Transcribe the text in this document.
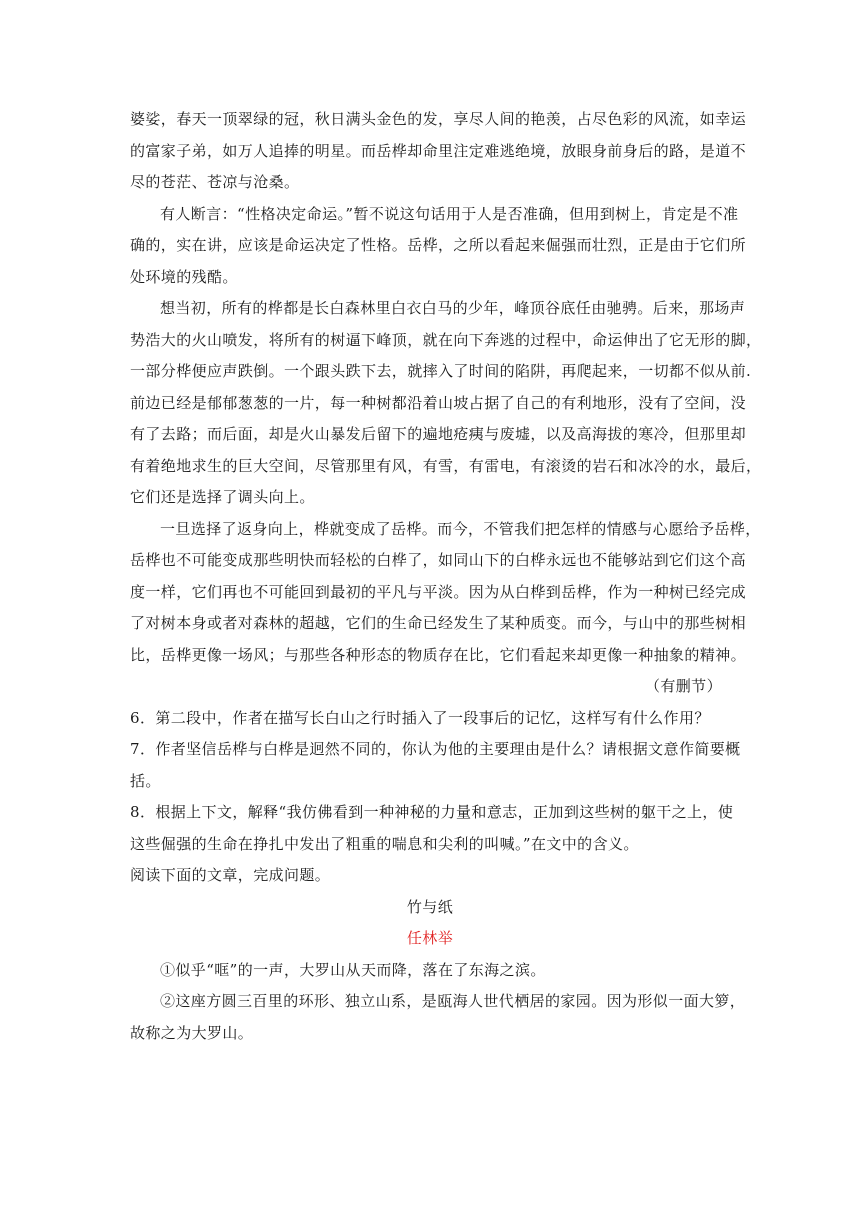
婆娑，春天一顶翠绿的冠，秋日满头金色的发，享尽人间的艳羡，占尽色彩的风流，如幸运
的富家子弟，如万人追捧的明星。而岳桦却命里注定难逃绝境，放眼身前身后的路，是道不
尽的苍茫、苍凉与沧桑。
有人断言：“性格决定命运。”暂不说这句话用于人是否准确，但用到树上，肯定是不准
确的，实在讲，应该是命运决定了性格。岳桦，之所以看起来倔强而壮烈，正是由于它们所
处环境的残酷。
想当初，所有的桦都是长白森林里白衣白马的少年，峰顶谷底任由驰骋。后来，那场声
势浩大的火山喷发，将所有的树逼下峰顶，就在向下奔逃的过程中，命运伸出了它无形的脚，
一部分桦便应声跌倒。一个跟头跌下去，就摔入了时间的陷阱，再爬起来，一切都不似从前.
前边已经是郁郁葱葱的一片，每一种树都沿着山坡占据了自己的有利地形，没有了空间，没
有了去路；而后面，却是火山暴发后留下的遍地疮痍与废墟，以及高海拔的寒冷，但那里却
有着绝地求生的巨大空间，尽管那里有风，有雪，有雷电，有滚烫的岩石和冰冷的水，最后，
它们还是选择了调头向上。
一旦选择了返身向上，桦就变成了岳桦。而今，不管我们把怎样的情感与心愿给予岳桦，
岳桦也不可能变成那些明快而轻松的白桦了，如同山下的白桦永远也不能够站到它们这个高
度一样，它们再也不可能回到最初的平凡与平淡。因为从白桦到岳桦，作为一种树已经完成
了对树本身或者对森林的超越，它们的生命已经发生了某种质变。而今，与山中的那些树相
比，岳桦更像一场风；与那些各种形态的物质存在比，它们看起来却更像一种抽象的精神。
（有删节）
6．第二段中，作者在描写长白山之行时插入了一段事后的记忆，这样写有什么作用？
7．作者坚信岳桦与白桦是迥然不同的，你认为他的主要理由是什么？请根据文意作简要概
括。
8．根据上下文，解释“我仿佛看到一种神秘的力量和意志，正加到这些树的躯干之上，使
这些倔强的生命在挣扎中发出了粗重的喘息和尖利的叫喊。”在文中的含义。
阅读下面的文章，完成问题。
竹与纸
任林举
①似乎“哐”的一声，大罗山从天而降，落在了东海之滨。
②这座方圆三百里的环形、独立山系，是瓯海人世代栖居的家园。因为形似一面大箩，
故称之为大罗山。
